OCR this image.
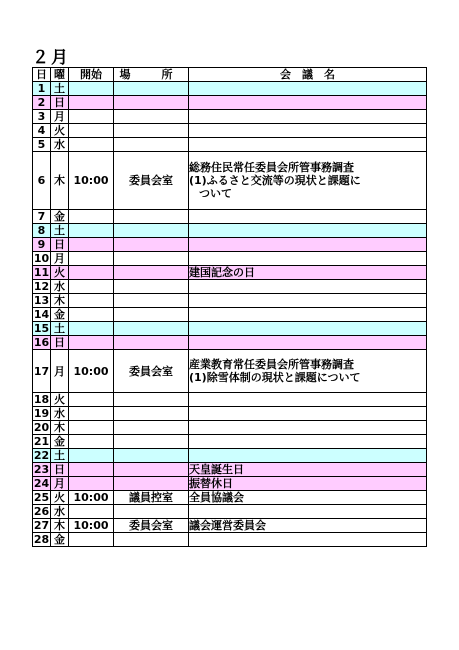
２月
日	曜	開始	場　所	会　議　名
1	土			
2	日			
3	月			
4	火			
5	水			
6	木	10:00	委員会室	総務住民常任委員会所管事務調査
(1)ふるさと交流等の現状と課題に
ついて

7	金			
8	土			
9	日			
10	月			
11	火			建国記念の日

12	水			
13	木			
14	金			
15	土			
16	日			
17	月	10:00	委員会室	産業教育常任委員会所管事務調査
(1)除雪体制の現状と課題について

18	火			
19	水			
20	木			
21	金			
22	土			
23	日			天皇誕生日

24	月			振替休日

25	火	10:00	議員控室	全員協議会

26	水			
27	木	10:00	委員会室	議会運営委員会

28	金			
